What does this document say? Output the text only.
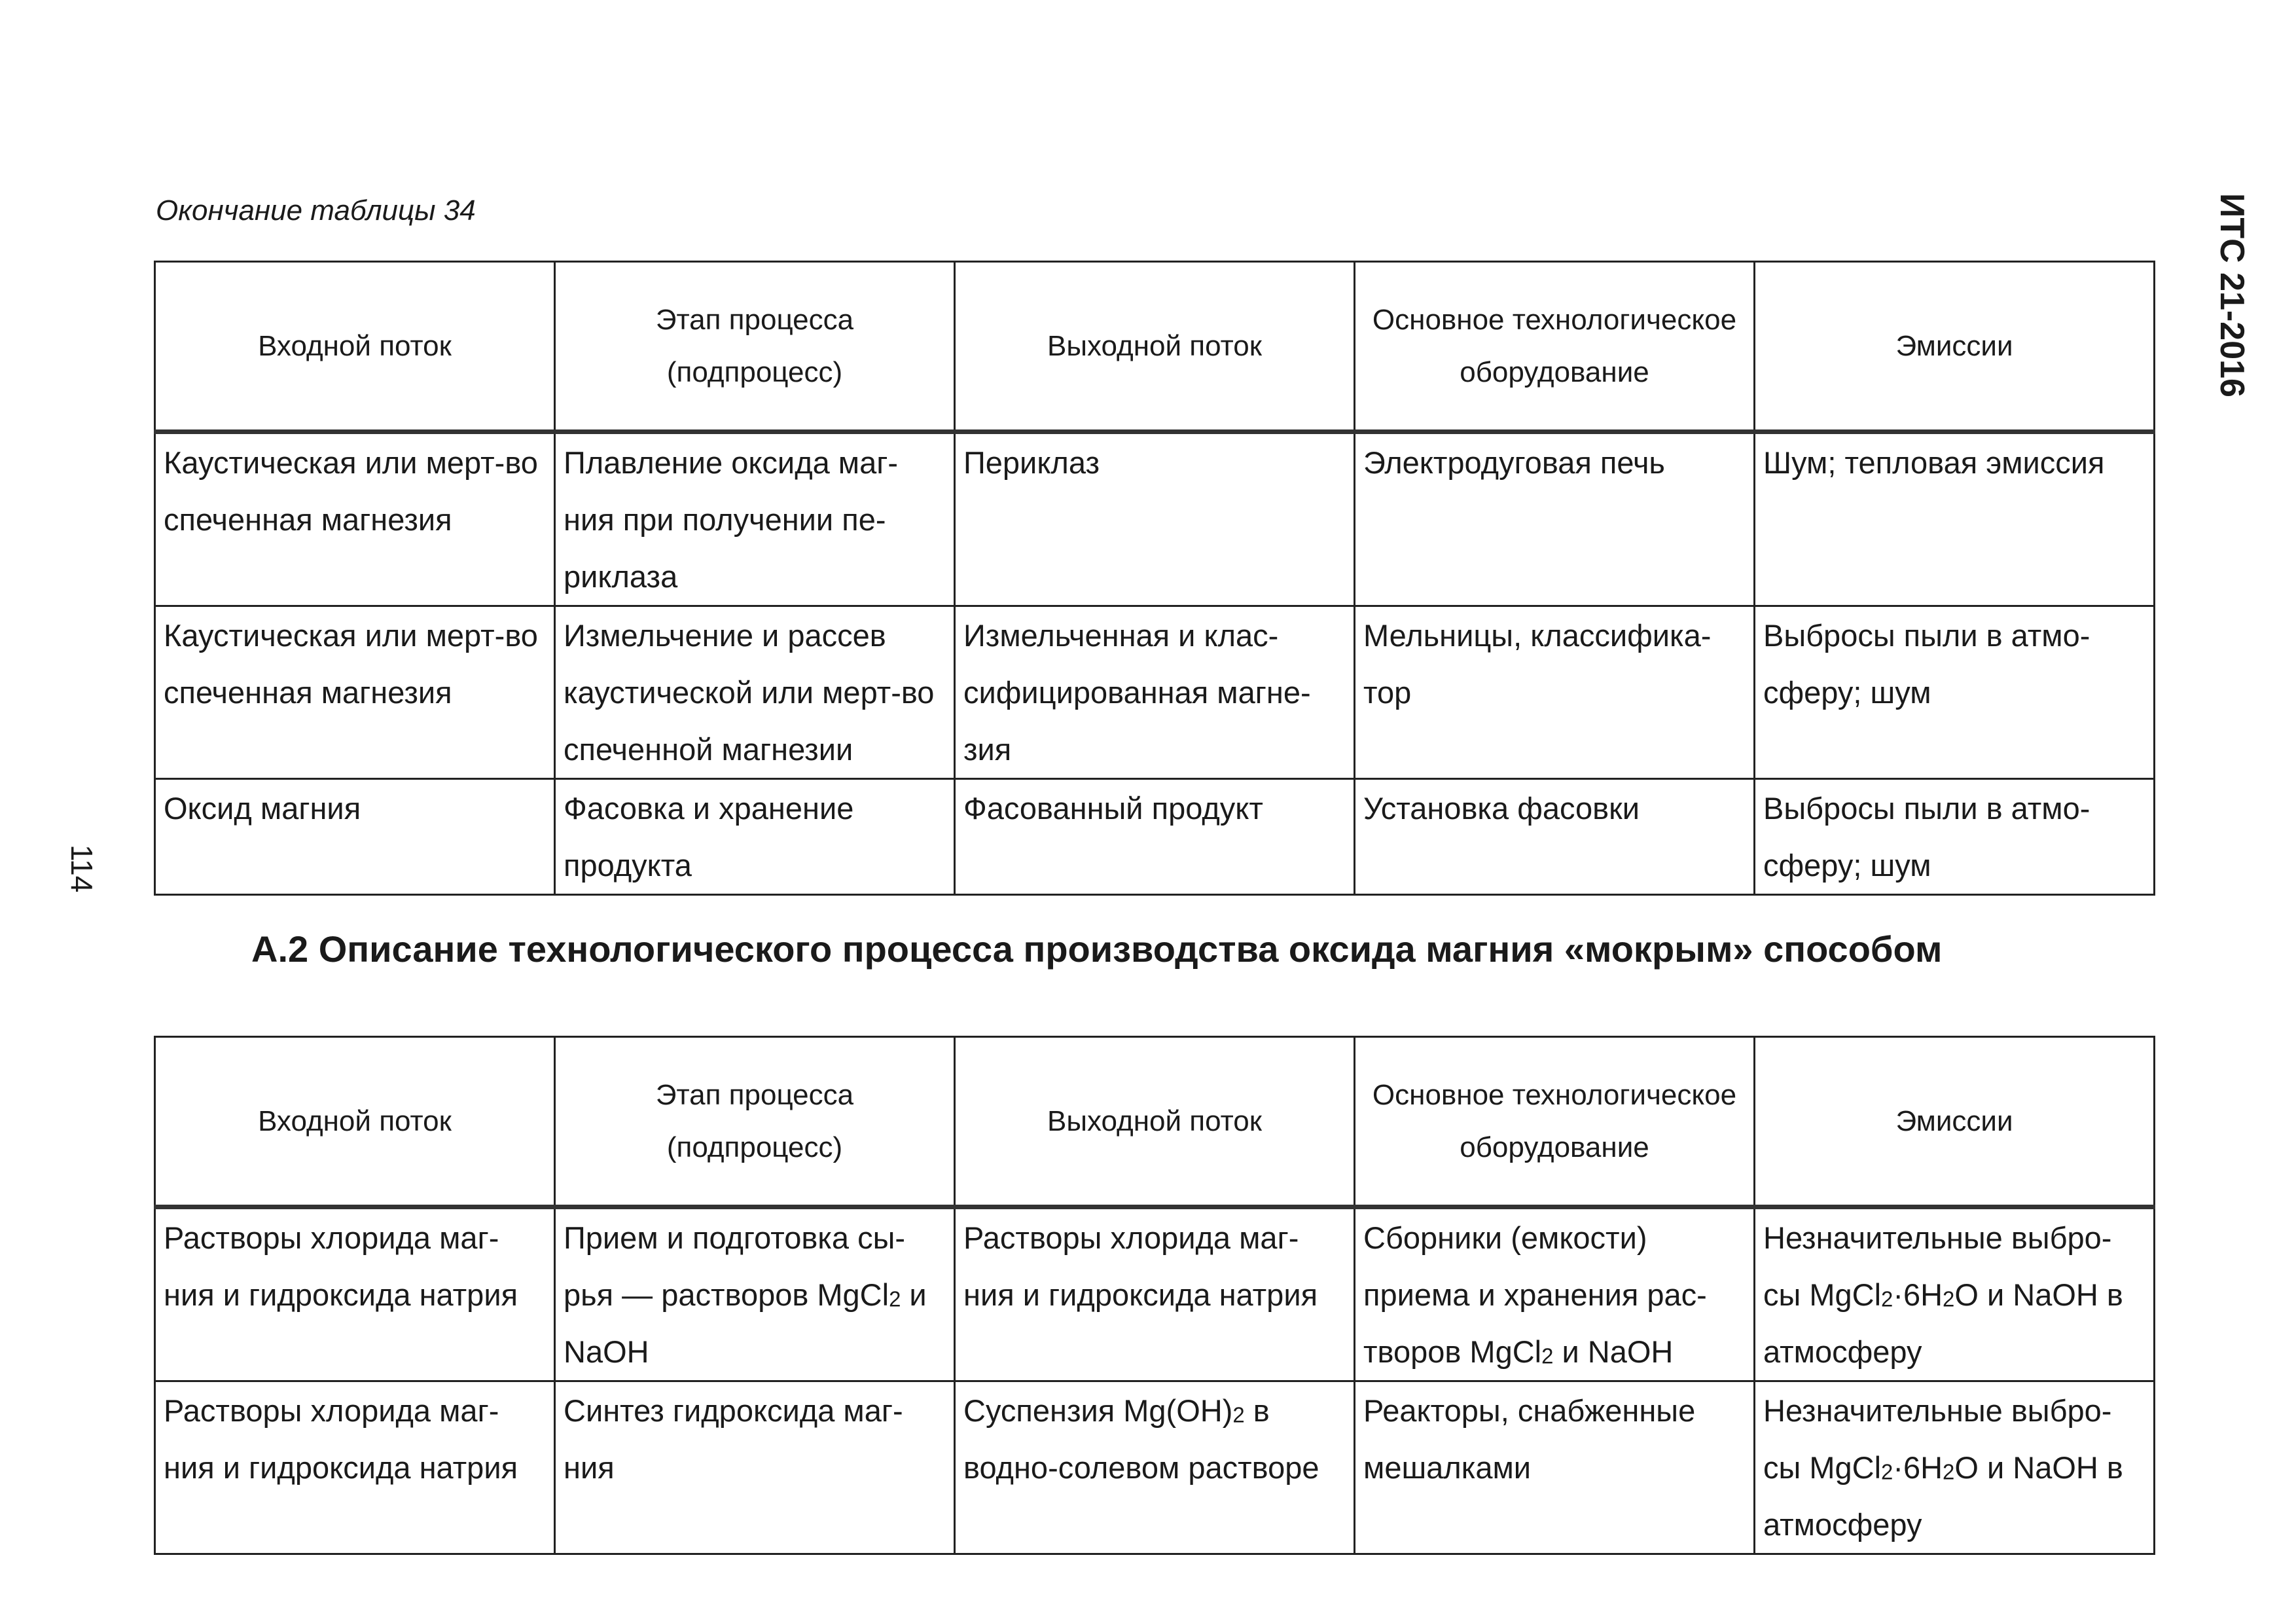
Окончание таблицы 34	ИТС 21-2016
114
Входной поток	Этап процесса (подпроцесс)	Выходной поток	Основное технологическое оборудование	Эмиссии
Каустическая или мерт-во спеченная магнезия	Плавление оксида маг-ния при получении пе-риклаза	Периклаз	Электродуговая печь	Шум; тепловая эмиссия
Каустическая или мерт-во спеченная магнезия	Измельчение и рассев каустической или мерт-во спеченной магнезии	Измельченная и клас-сифицированная магне-зия	Мельницы, классифика-тор	Выбросы пыли в атмо-сферу; шум
Оксид магния	Фасовка и хранение продукта	Фасованный продукт	Установка фасовки	Выбросы пыли в атмо-сферу; шум
А.2 Описание технологического процесса производства оксида магния «мокрым» способом
Входной поток	Этап процесса (подпроцесс)	Выходной поток	Основное технологическое оборудование	Эмиссии
Растворы хлорида маг-ния и гидроксида натрия	Прием и подготовка сы-рья — растворов MgCl$_2$ и NaOH	Растворы хлорида маг-ния и гидроксида натрия	Сборники (емкости) приема и хранения рас-творов MgCl$_2$ и NaOH	Незначительные выбро-сы $MgCl_2\cdot 6H_2O$ и NaOH в атмосферу
Растворы хлорида маг-ния и гидроксида натрия	Синтез гидроксида маг-ния	Суспензия $Mg(OH)_2$ в водно-солевом растворе	Реакторы, снабженные мешалками	Незначительные выбро-сы $MgCl_2\cdot 6H_2O$ и NaOH в атмосферу
